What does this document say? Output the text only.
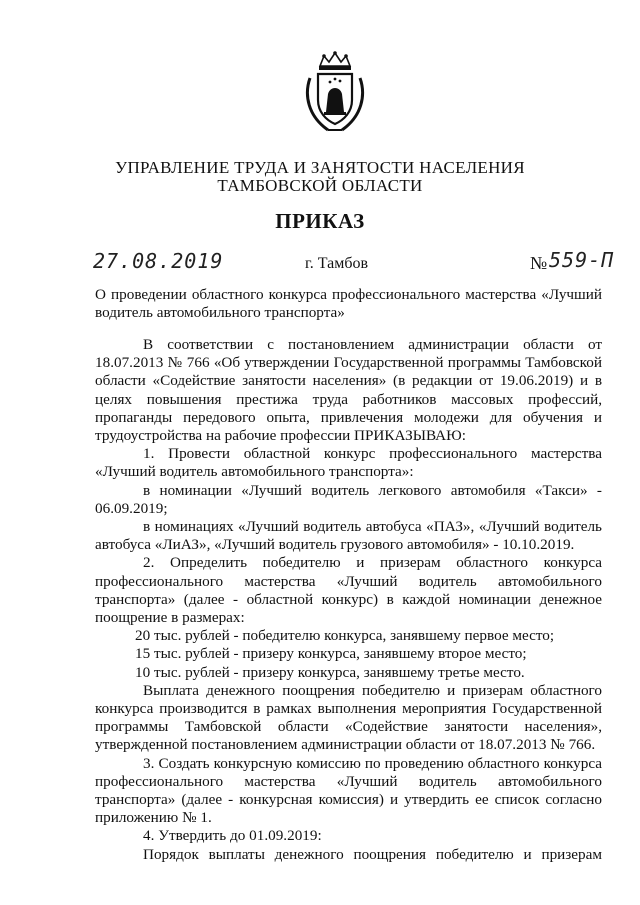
УПРАВЛЕНИЕ ТРУДА И ЗАНЯТОСТИ НАСЕЛЕНИЯ
ТАМБОВСКОЙ ОБЛАСТИ
ПРИКАЗ
27.08.2019	г. Тамбов	№ 559-П

О проведении областного конкурса профессионального мастерства «Лучший водитель автомобильного транспорта»

В соответствии с постановлением администрации области от 18.07.2013 № 766 «Об утверждении Государственной программы Тамбовской области «Содействие занятости населения» (в редакции от 19.06.2019) и в целях повышения престижа труда работников массовых профессий, пропаганды передового опыта, привлечения молодежи для обучения и трудоустройства на рабочие профессии ПРИКАЗЫВАЮ:

1. Провести областной конкурс профессионального мастерства «Лучший водитель автомобильного транспорта»:

в номинации «Лучший водитель легкового автомобиля «Такси» - 06.09.2019;

в номинациях «Лучший водитель автобуса «ПАЗ», «Лучший водитель автобуса «ЛиАЗ», «Лучший водитель грузового автомобиля» - 10.10.2019.

2. Определить победителю и призерам областного конкурса профессионального мастерства «Лучший водитель автомобильного транспорта» (далее - областной конкурс) в каждой номинации денежное поощрение в размерах:

20 тыс. рублей - победителю конкурса, занявшему первое место;

15 тыс. рублей - призеру конкурса, занявшему второе место;

10 тыс. рублей - призеру конкурса, занявшему третье место.

Выплата денежного поощрения победителю и призерам областного конкурса производится в рамках выполнения мероприятия Государственной программы Тамбовской области «Содействие занятости населения», утвержденной постановлением администрации области от 18.07.2013 № 766.

3. Создать конкурсную комиссию по проведению областного конкурса профессионального мастерства «Лучший водитель автомобильного транспорта» (далее - конкурсная комиссия) и утвердить ее список согласно приложению № 1.

4. Утвердить до 01.09.2019:

Порядок выплаты денежного поощрения победителю и призерам
